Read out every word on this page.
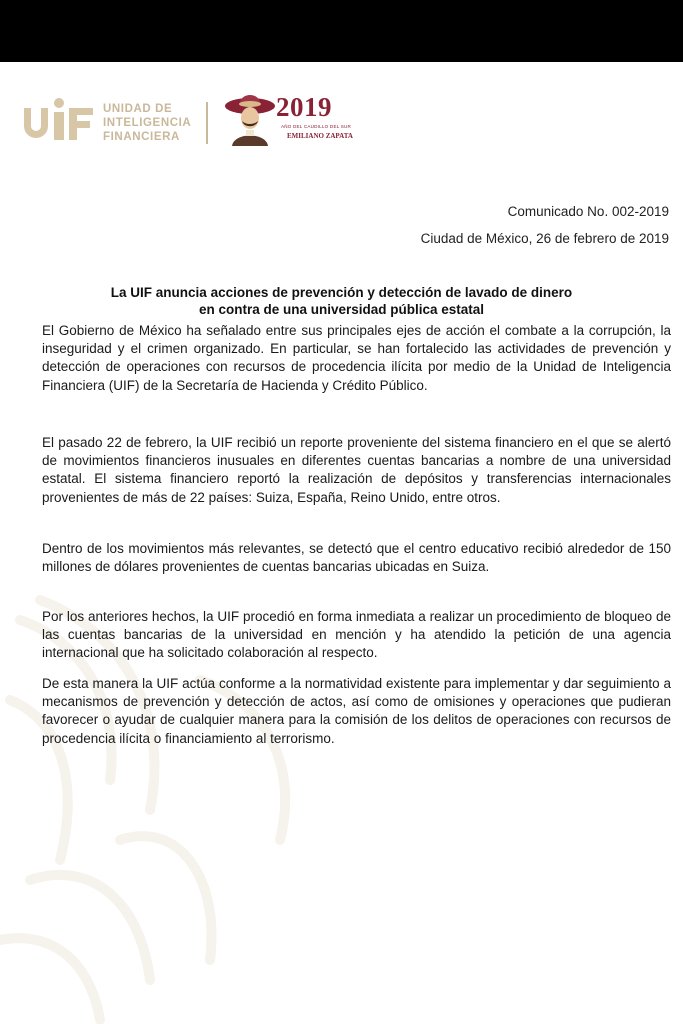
UNIDAD DE
INTELIGENCIA
FINANCIERA
2019
AÑO DEL CAUDILLO DEL SUR
EMILIANO ZAPATA
Comunicado No. 002-2019
Ciudad de México, 26 de febrero de 2019
La UIF anuncia acciones de prevención y detección de lavado de dinero
en contra de una universidad pública estatal

El Gobierno de México ha señalado entre sus principales ejes de acción el combate a la corrupción, la inseguridad y el crimen organizado. En particular, se han fortalecido las actividades de prevención y detección de operaciones con recursos de procedencia ilícita por medio de la Unidad de Inteligencia Financiera (UIF) de la Secretaría de Hacienda y Crédito Público.

El pasado 22 de febrero, la UIF recibió un reporte proveniente del sistema financiero en el que se alertó de movimientos financieros inusuales en diferentes cuentas bancarias a nombre de una universidad estatal. El sistema financiero reportó la realización de depósitos y transferencias internacionales provenientes de más de 22 países: Suiza, España, Reino Unido, entre otros.

Dentro de los movimientos más relevantes, se detectó que el centro educativo recibió alrededor de 150 millones de dólares provenientes de cuentas bancarias ubicadas en Suiza.

Por los anteriores hechos, la UIF procedió en forma inmediata a realizar un procedimiento de bloqueo de las cuentas bancarias de la universidad en mención y ha atendido la petición de una agencia internacional que ha solicitado colaboración al respecto.

De esta manera la UIF actúa conforme a la normatividad existente para implementar y dar seguimiento a mecanismos de prevención y detección de actos, así como de omisiones y operaciones que pudieran favorecer o ayudar de cualquier manera para la comisión de los delitos de operaciones con recursos de procedencia ilícita o financiamiento al terrorismo.
